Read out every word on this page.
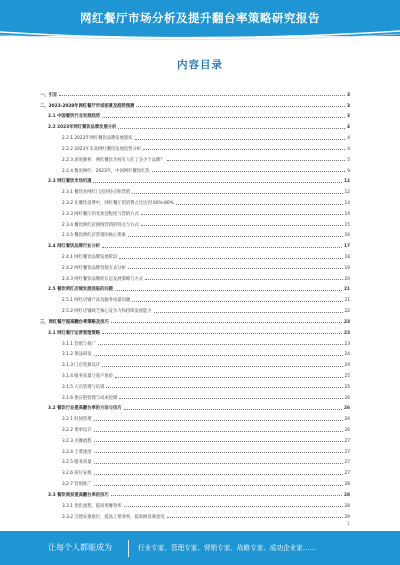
网红餐厅市场分析及提升翻台率策略研究报告
内容目录
一、引言	3
二、2023-2028年网红餐厅市场前景及趋势预测	3
2.1 中国餐饮行业发展趋势	3
2.2 2023年网红餐饮品牌发展分析	4
2.2.1 2023年网红餐饮品牌发展现状	4
2.2.2 2023年未来网红餐饮发展趋势分析	4
2.2.3 深度解析：网红餐饮为何有人红了多少个品牌？	5
2.2.4 数说网红：2023年，中国网红餐饮红热	9
2.3 网红餐饮市场机遇	12
2.3.1 餐饮业网红门店的特点和营销	12
2.3.2 在餐饮消费中，网红餐厅的消费占比达到 60%-80%	14
2.3.3 网红餐厅的受欢迎程度与营销方式	14
2.3.4 餐饮网红店网络营销的特点与方式	15
2.3.5 餐饮网红店营销的核心要素	16
2.4 网红餐饮品牌行业分析	17
2.4.1 网红餐饮品牌发展阶段	18
2.4.2 网红餐饮品牌营销方式分析	19
2.4.3 网红餐饮品牌的长远发展策略与方式	20
2.5 餐饮网红店铺发展面临的问题	21
2.5.1 网红店铺产品及服务质量问题	21
2.5.2 网红店铺缺乏核心竞争力和持续发展能力	22
三、网红餐厅提高翻台率策略及技巧	23
3.1 网红餐厅运营管理策略	23
3.1.1 营销与推广	23
3.1.2 菜品研发	24
3.1.3 门店装修设计	24
3.1.4 服务质量与客户体验	25
3.1.5 人员管理与培训	25
3.1.6 供应链管理与成本控制	26
3.2 餐饮行业提高翻台率的方法与技巧	26
3.2.1 时间管理	26
3.2.2 菜单设计	26
3.2.3 点餐流程	27
3.2.4 上菜速度	27
3.2.5 服务质量	27
3.2.6 座位安排	27
3.2.7 营销推广	28
3.3 餐饮商家提高翻台率的技巧	28
3.3.1 优化流程，提高用餐效率	28
3.3.2 合理安排座位，提高上菜效率，提高顾客满意度	29
1
让每个人都能成为	行业专家、管理专家、营销专家、战略专家、成功企业家……
